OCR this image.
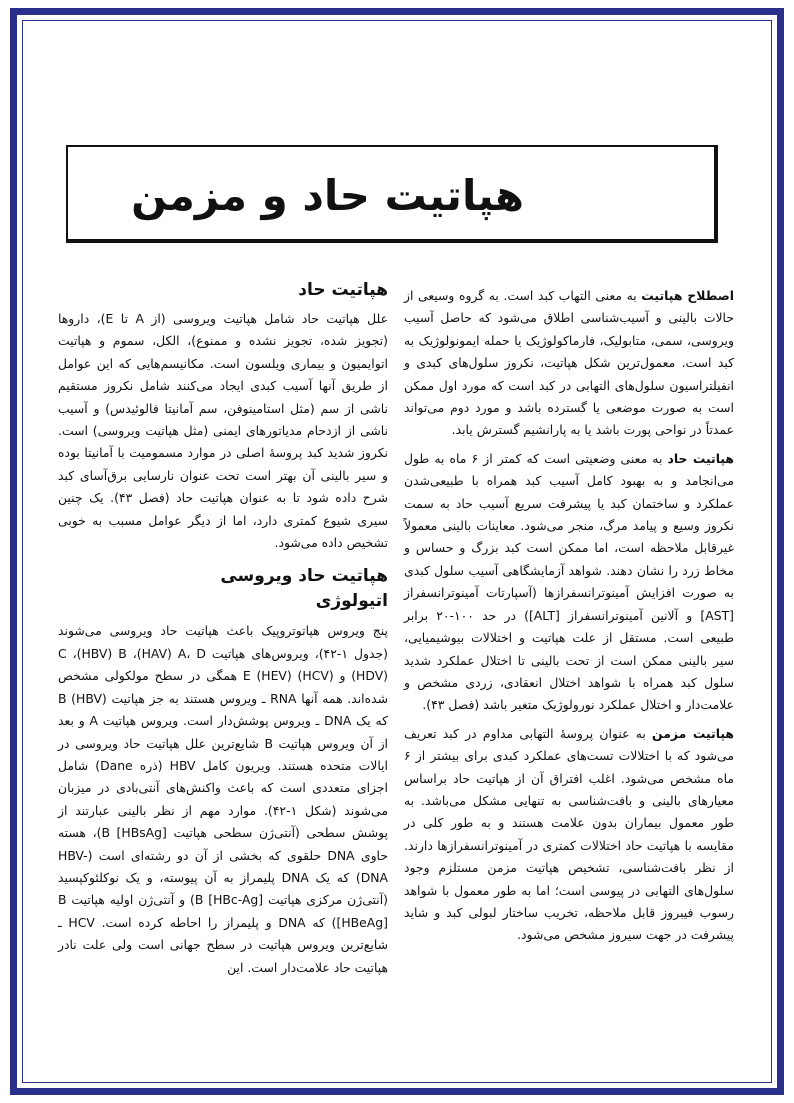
هپاتیت حاد و مزمن

اصطلاح هپاتیت به معنی التهاب کبد است. به گروه وسیعی از حالات بالینی و آسیب‌شناسی اطلاق می‌شود که حاصل آسیب ویروسی، سمی، متابولیک، فارماکولوژیک یا حمله ایمونولوژیک به کبد است. معمول‌ترین شکل هپاتیت، نکروز سلول‌های کبدی و انفیلتراسیون سلول‌های التهابی در کبد است که مورد اول ممکن است به صورت موضعی یا گسترده باشد و مورد دوم می‌تواند عمدتاً در نواحی پورت باشد یا به پارانشیم گسترش یابد.

هپاتیت حاد به معنی وضعیتی است که کمتر از ۶ ماه به طول می‌انجامد و به بهبود کامل آسیب کبد همراه با طبیعی‌شدن عملکرد و ساختمان کبد یا پیشرفت سریع آسیب حاد به سمت نکروز وسیع و پیامد مرگ، منجر می‌شود. معاینات بالینی معمولاً غیرقابل ملاحظه است، اما ممکن است کبد بزرگ و حساس و مخاط زرد را نشان دهند. شواهد آزمایشگاهی آسیب سلول کبدی به صورت افزایش آمینوترانسفرازها (آسپارتات آمینوترانسفراز [AST] و آلانین آمینوترانسفراز [ALT]) در حد ۱۰۰-۲۰ برابر طبیعی است. مستقل از علت هپاتیت و اختلالات بیوشیمیایی، سیر بالینی ممکن است از تحت بالینی تا اختلال عملکرد شدید سلول کبد همراه با شواهد اختلال انعقادی، زردی مشخص و علامت‌دار و اختلال عملکرد نورولوژیک متغیر باشد (فصل ۴۳).

هپاتیت مزمن به عنوان پروسهٔ التهابی مداوم در کبد تعریف می‌شود که با اختلالات تست‌های عملکرد کبدی برای بیشتر از ۶ ماه مشخص می‌شود. اغلب افتراق آن از هپاتیت حاد براساس معیارهای بالینی و بافت‌شناسی به تنهایی مشکل می‌باشد. به طور معمول بیماران بدون علامت هستند و به طور کلی در مقایسه با هپاتیت حاد اختلالات کمتری در آمینوترانسفرازها دارند. از نظر بافت‌شناسی، تشخیص هپاتیت مزمن مستلزم وجود سلول‌های التهابی در پیوسی است؛ اما به طور معمول با شواهد رسوب فیبروز قابل ملاحظه، تخریب ساختار لبولی کبد و شاید پیشرفت در جهت سیروز مشخص می‌شود.

هپاتیت حاد

علل هپاتیت حاد شامل هپاتیت ویروسی (از A تا E)، داروها (تجویز شده، تجویز نشده و ممنوع)، الکل، سموم و هپاتیت اتوایمیون و بیماری ویلسون است. مکانیسم‌هایی که این عوامل از طریق آنها آسیب کبدی ایجاد می‌کنند شامل نکروز مستقیم ناشی از سم (مثل استامینوفن، سم آمانیتا فالوئیدس) و آسیب ناشی از ازدحام مدیاتورهای ایمنی (مثل هپاتیت ویروسی) است. نکروز شدید کبد پروسهٔ اصلی در موارد مسمومیت با آمانیتا بوده و سیر بالینی آن بهتر است تحت عنوان نارسایی برق‌آسای کبد شرح داده شود تا به عنوان هپاتیت حاد (فصل ۴۳). یک چنین سیری شیوع کمتری دارد، اما از دیگر عوامل مسبب به خوبی تشخیص داده می‌شود.

هپاتیت حاد ویروسی
اتیولوژی

پنج ویروس هپاتوتروپیک باعث هپاتیت حاد ویروسی می‌شوند (جدول ۱-۴۲)، ویروس‌های هپاتیت C ،(HBV) B ،(HAV) A، D (HDV) و (HCV) E (HEV) همگی در سطح مولکولی مشخص شده‌اند. همه آنها RNA ـ ویروس هستند به جز هپاتیت B (HBV) که یک DNA ـ ویروس پوشش‌دار است. ویروس هپاتیت A و بعد از آن ویروس هپاتیت B شایع‌ترین علل هپاتیت حاد ویروسی در ایالات متحده هستند. ویریون کامل HBV (ذره Dane) شامل اجزای متعددی است که باعث واکنش‌های آنتی‌بادی در میزبان می‌شوند (شکل ۱-۴۲). موارد مهم از نظر بالینی عبارتند از پوشش سطحی (آنتی‌ژن سطحی هپاتیت B [HBsAg])، هسته حاوی DNA حلقوی که بخشی از آن دو رشته‌ای است (HBV-DNA) که یک DNA پلیمراز به آن پیوسته، و یک نوکلئوکپسید (آنتی‌ژن مرکزی هپاتیت B [HBc-Ag]) و آنتی‌ژن اولیه هپاتیت B [HBeAg]) که DNA و پلیمراز را احاطه کرده است. HCV ـ شایع‌ترین ویروس هپاتیت در سطح جهانی است ولی علت نادر هپاتیت حاد علامت‌دار است. این
